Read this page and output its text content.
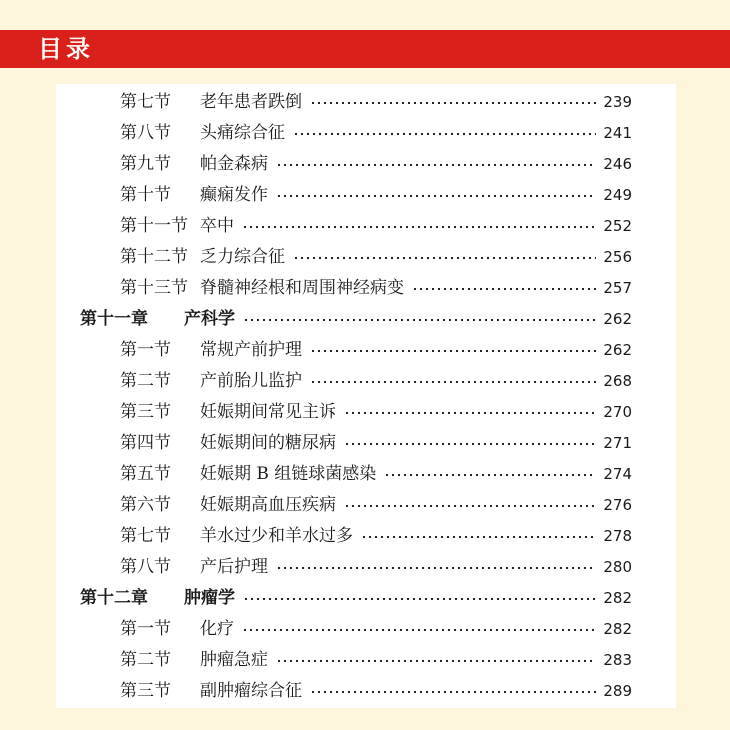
目录
第七节	老年患者跌倒	239
第八节	头痛综合征	241
第九节	帕金森病	246
第十节	癫痫发作	249
第十一节 卒中	252
第十二节 乏力综合征	256
第十三节 脊髓神经根和周围神经病变	257
第十一章	产科学	262
第一节	常规产前护理	262
第二节	产前胎儿监护	268
第三节	妊娠期间常见主诉	270
第四节	妊娠期间的糖尿病	271
第五节	妊娠期 B 组链球菌感染	274
第六节	妊娠期高血压疾病	276
第七节	羊水过少和羊水过多	278
第八节	产后护理	280
第十二章	肿瘤学	282
第一节	化疗	282
第二节	肿瘤急症	283
第三节	副肿瘤综合征	289
